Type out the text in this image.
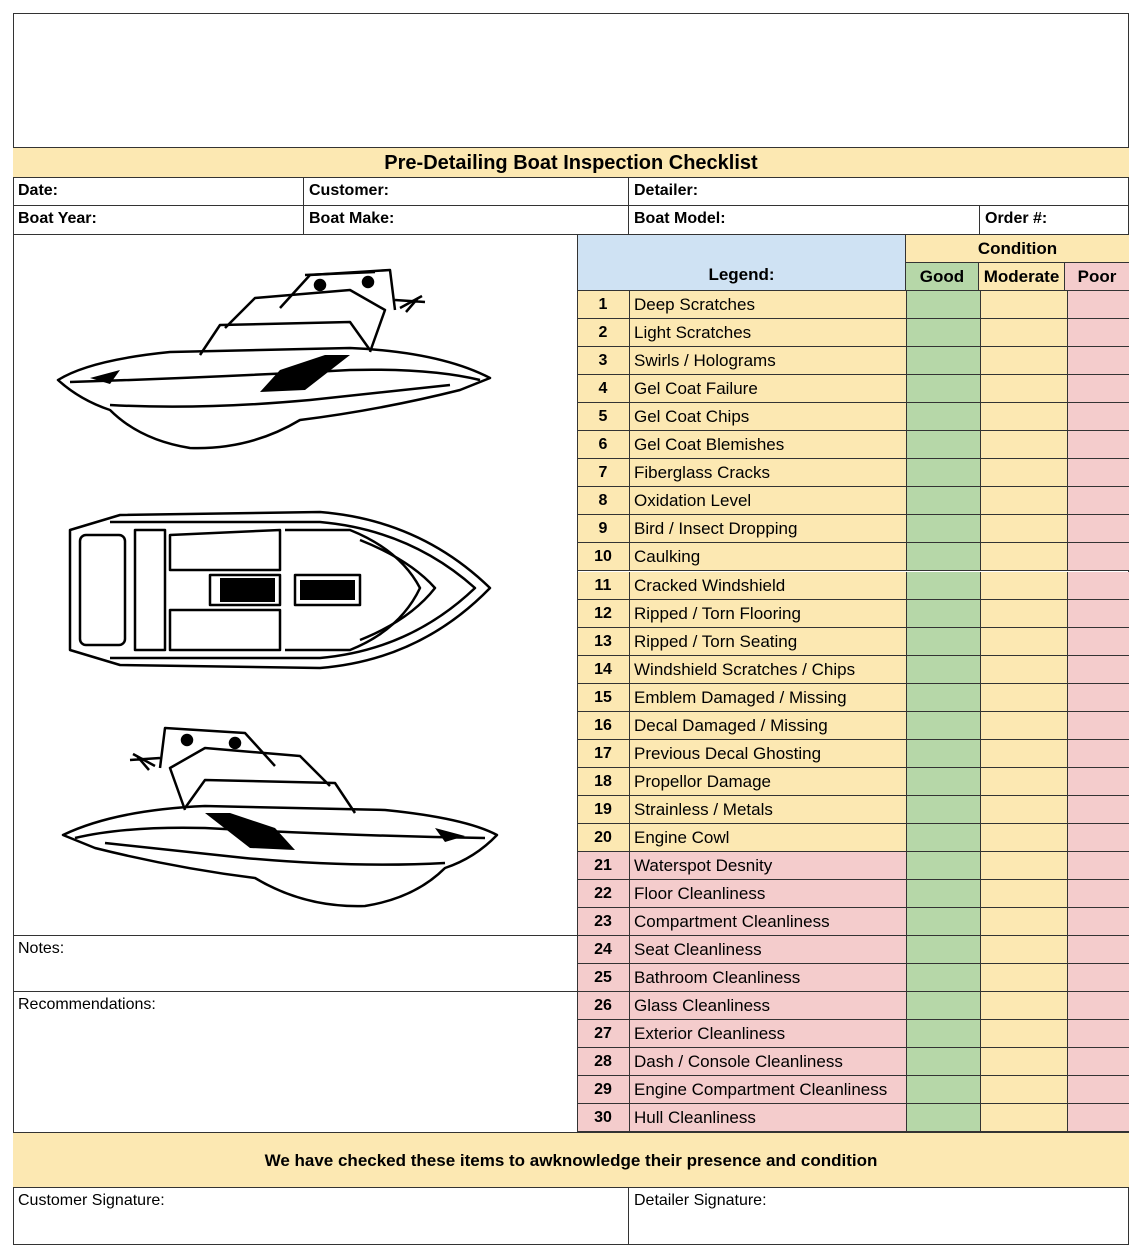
Pre-Detailing Boat Inspection Checklist
Date:	Customer:	Detailer:
Boat Year:	Boat Make:	Boat Model:	Order #:
Legend:
Condition
Good	Moderate	Poor
1	Deep Scratches
2	Light Scratches
3	Swirls / Holograms
4	Gel Coat Failure
5	Gel Coat Chips
6	Gel Coat Blemishes
7	Fiberglass Cracks
8	Oxidation Level
9	Bird / Insect Dropping
10	Caulking
11	Cracked Windshield
12	Ripped / Torn Flooring
13	Ripped / Torn Seating
14	Windshield Scratches / Chips
15	Emblem Damaged / Missing
16	Decal Damaged / Missing
17	Previous Decal Ghosting
18	Propellor Damage
19	Strainless / Metals
20	Engine Cowl
21	Waterspot Desnity
22	Floor Cleanliness
23	Compartment Cleanliness
24	Seat Cleanliness
25	Bathroom Cleanliness
26	Glass Cleanliness
27	Exterior Cleanliness
28	Dash / Console Cleanliness
29	Engine Compartment Cleanliness
30	Hull Cleanliness
Notes:
Recommendations:
We have checked these items to awknowledge their presence and condition
Customer Signature:	Detailer Signature:
